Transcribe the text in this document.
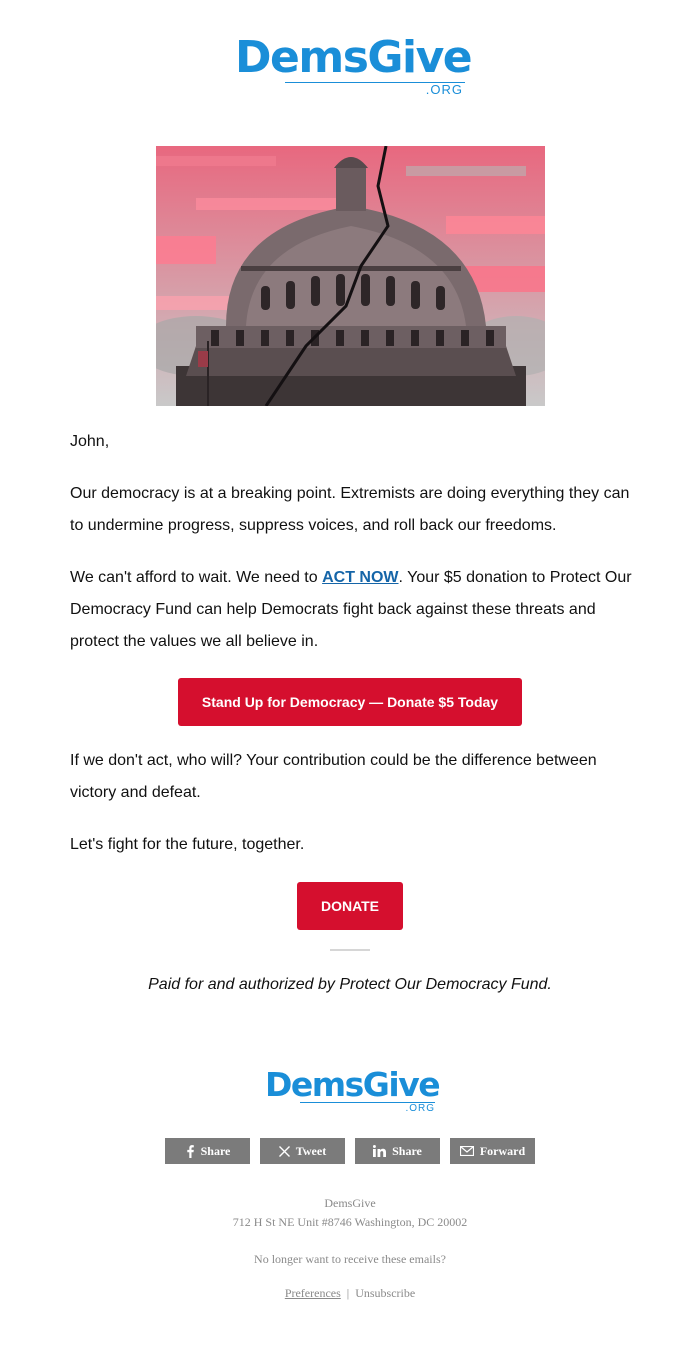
DemsGive
.ORG
John,
Our democracy is at a breaking point. Extremists are doing everything they can to undermine progress, suppress voices, and roll back our freedoms.
We can't afford to wait. We need to ACT NOW. Your $5 donation to Protect Our Democracy Fund can help Democrats fight back against these threats and protect the values we all believe in.
Stand Up for Democracy — Donate $5 Today
If we don't act, who will? Your contribution could be the difference between victory and defeat.
Let's fight for the future, together.
DONATE
Paid for and authorized by Protect Our Democracy Fund.
DemsGive
.ORG
Share	Tweet	Share	Forward
DemsGive
712 H St NE Unit #8746 Washington, DC 20002
No longer want to receive these emails?
Preferences | Unsubscribe
